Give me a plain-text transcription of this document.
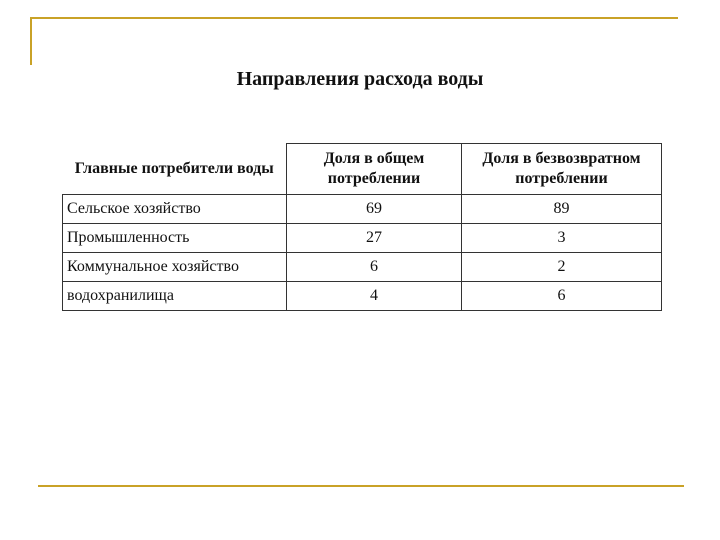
Направления расхода воды
Главные потребители воды	Доля в общем потреблении	Доля в безвозвратном потреблении
Сельское хозяйство	69	89
Промышленность	27	3
Коммунальное хозяйство	6	2
водохранилища	4	6
